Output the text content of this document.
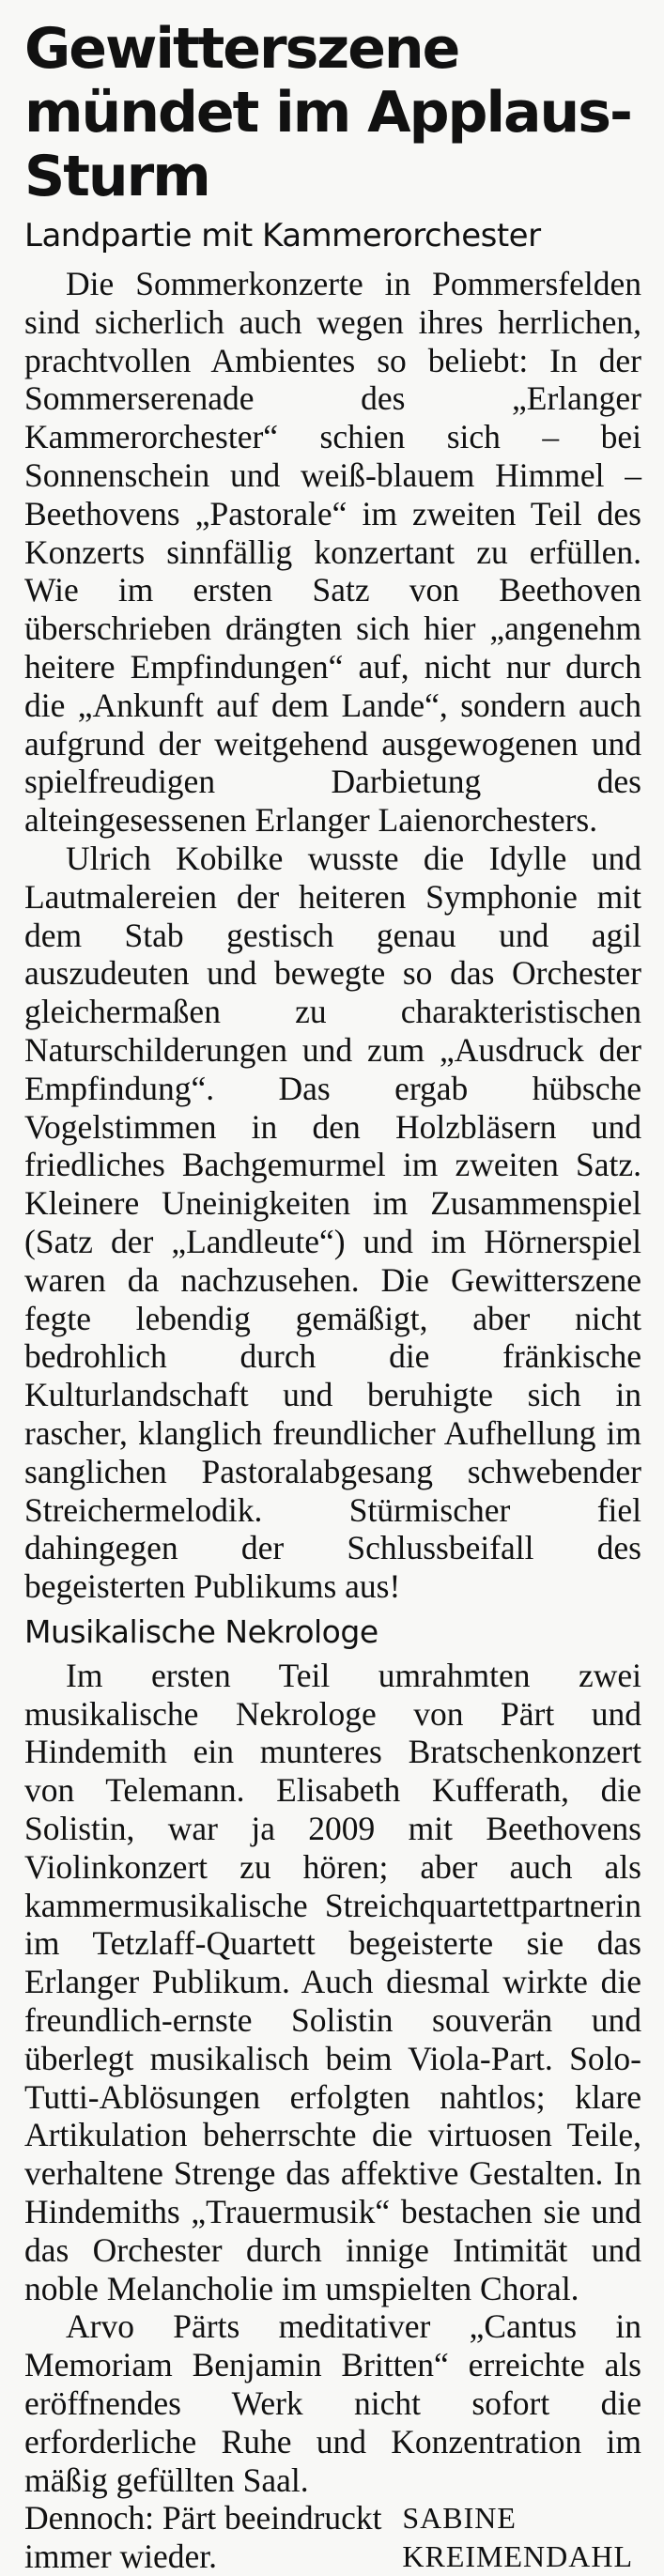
Gewitterszene mündet im Applaus-Sturm
Landpartie mit Kammerorchester

Die Sommerkonzerte in Pommersfelden sind sicherlich auch wegen ihres herrlichen, prachtvollen Ambientes so beliebt: In der Sommerserenade des „Erlanger Kammerorchester“ schien sich – bei Sonnenschein und weiß-blauem Himmel – Beethovens „Pastorale“ im zweiten Teil des Konzerts sinnfällig konzertant zu erfüllen. Wie im ersten Satz von Beethoven überschrieben drängten sich hier „angenehm heitere Empfindungen“ auf, nicht nur durch die „Ankunft auf dem Lande“, sondern auch aufgrund der weitgehend ausgewogenen und spielfreudigen Darbietung des alteingesessenen Erlanger Laienorchesters.

Ulrich Kobilke wusste die Idylle und Lautmalereien der heiteren Symphonie mit dem Stab gestisch genau und agil auszudeuten und bewegte so das Orchester gleichermaßen zu charakteristischen Naturschilderungen und zum „Ausdruck der Empfindung“. Das ergab hübsche Vogelstimmen in den Holzbläsern und friedliches Bachgemurmel im zweiten Satz. Kleinere Uneinigkeiten im Zusammenspiel (Satz der „Landleute“) und im Hörnerspiel waren da nachzusehen. Die Gewitterszene fegte lebendig gemäßigt, aber nicht bedrohlich durch die fränkische Kulturlandschaft und beruhigte sich in rascher, klanglich freundlicher Aufhellung im sanglichen Pastoralabgesang schwebender Streichermelodik. Stürmischer fiel dahingegen der Schlussbeifall des begeisterten Publikums aus!

Musikalische Nekrologe

Im ersten Teil umrahmten zwei musikalische Nekrologe von Pärt und Hindemith ein munteres Bratschenkonzert von Telemann. Elisabeth Kufferath, die Solistin, war ja 2009 mit Beethovens Violinkonzert zu hören; aber auch als kammermusikalische Streichquartettpartnerin im Tetzlaff-Quartett begeisterte sie das Erlanger Publikum. Auch diesmal wirkte die freundlich-ernste Solistin souverän und überlegt musikalisch beim Viola-Part. Solo-Tutti-Ablösungen erfolgten nahtlos; klare Artikulation beherrschte die virtuosen Teile, verhaltene Strenge das affektive Gestalten. In Hindemiths „Trauermusik“ bestachen sie und das Orchester durch innige Intimität und noble Melancholie im umspielten Choral.

Arvo Pärts meditativer „Cantus in Memoriam Benjamin Britten“ erreichte als eröffnendes Werk nicht sofort die erforderliche Ruhe und Konzentration im mäßig gefüllten Saal.

Dennoch: Pärt beeindruckt immer wieder.
SABINE KREIMENDAHL
